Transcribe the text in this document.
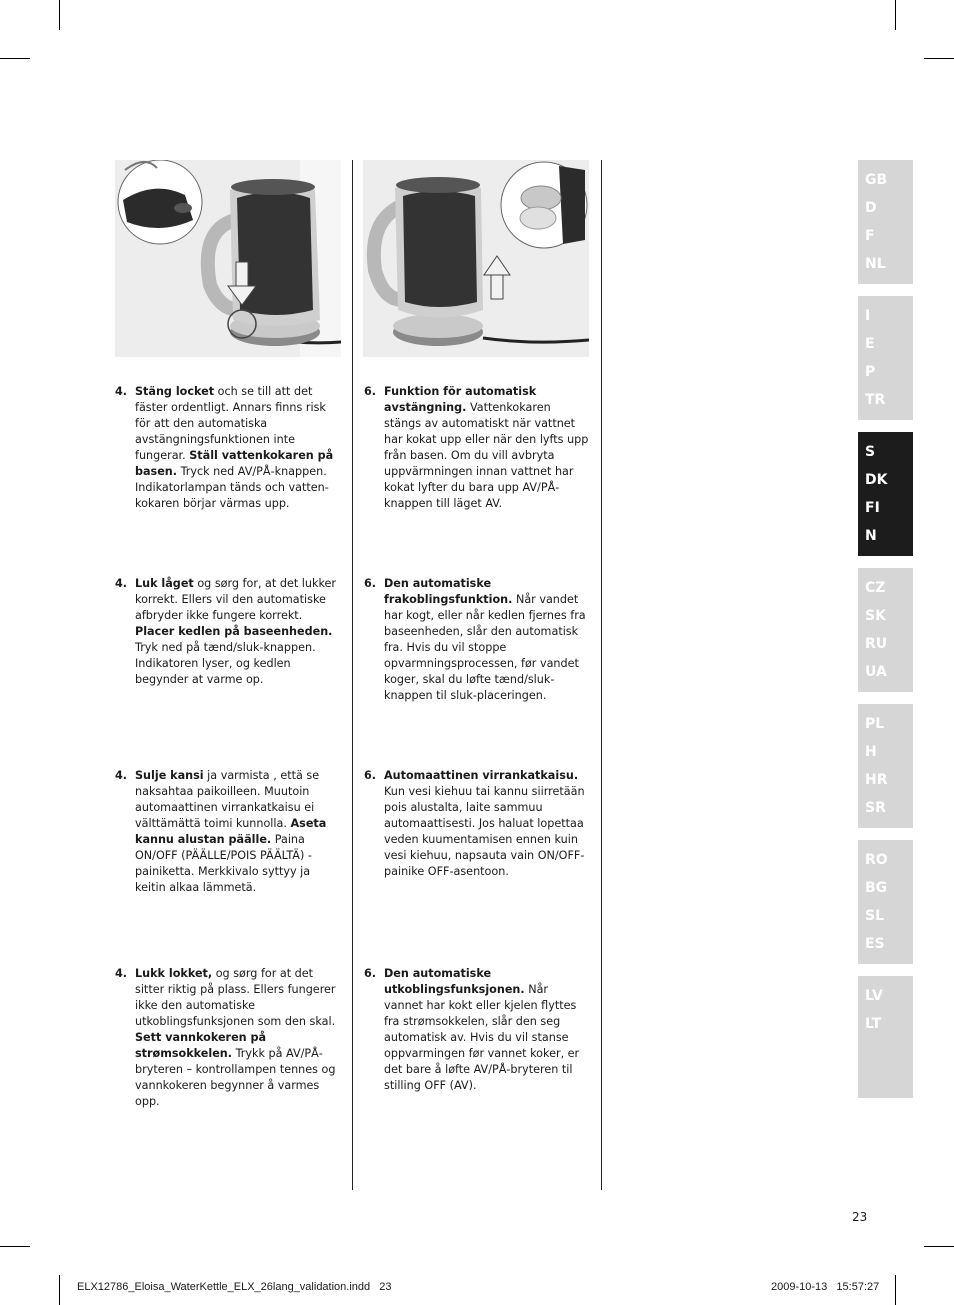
4. Stäng locket och se till att det fäster ordentligt. Annars finns risk för att den automatiska avstängningsfunktionen inte fungerar. Ställ vattenkokaren på basen. Tryck ned AV/PÅ-knappen. Indikatorlampan tänds och vatten-kokaren börjar värmas upp.
6. Funktion för automatisk avstängning. Vattenkokaren stängs av automatiskt när vattnet har kokat upp eller när den lyfts upp från basen. Om du vill avbryta uppvärmningen innan vattnet har kokat lyfter du bara upp AV/PÅ-knappen till läget AV.
4. Luk låget og sørg for, at det lukker korrekt. Ellers vil den automatiske afbryder ikke fungere korrekt. Placer kedlen på baseenheden. Tryk ned på tænd/sluk-knappen. Indikatoren lyser, og kedlen begynder at varme op.
6. Den automatiske frakoblingsfunktion. Når vandet har kogt, eller når kedlen fjernes fra baseenheden, slår den automatisk fra. Hvis du vil stoppe opvarmningsprocessen, før vandet koger, skal du løfte tænd/sluk-knappen til sluk-placeringen.
4. Sulje kansi ja varmista , että se naksahtaa paikoilleen. Muutoin automaattinen virrankatkaisu ei välttämättä toimi kunnolla. Aseta kannu alustan päälle. Paina ON/OFF (PÄÄLLE/POIS PÄÄLTÄ) -painiketta. Merkkivalo syttyy ja keitin alkaa lämmetä.
6. Automaattinen virrankatkaisu. Kun vesi kiehuu tai kannu siirretään pois alustalta, laite sammuu automaattisesti. Jos haluat lopettaa veden kuumentamisen ennen kuin vesi kiehuu, napsauta vain ON/OFF-painike OFF-asentoon.
4. Lukk lokket, og sørg for at det sitter riktig på plass. Ellers fungerer ikke den automatiske utkoblingsfunksjonen som den skal. Sett vannkokeren på strømsokkelen. Trykk på AV/PÅ-bryteren – kontrollampen tennes og vannkokeren begynner å varmes opp.
6. Den automatiske utkoblingsfunksjonen. Når vannet har kokt eller kjelen flyttes fra strømsokkelen, slår den seg automatisk av. Hvis du vil stanse oppvarmingen før vannet koker, er det bare å løfte AV/PÅ-bryteren til stilling OFF (AV).
GB
D
F
NL
I
E
P
TR
S
DK
FI
N
CZ
SK
RU
UA
PL
H
HR
SR
RO
BG
SL
ES
LV
LT
23
ELX12786_Eloisa_WaterKettle_ELX_26lang_validation.indd   23	2009-10-13   15:57:27
